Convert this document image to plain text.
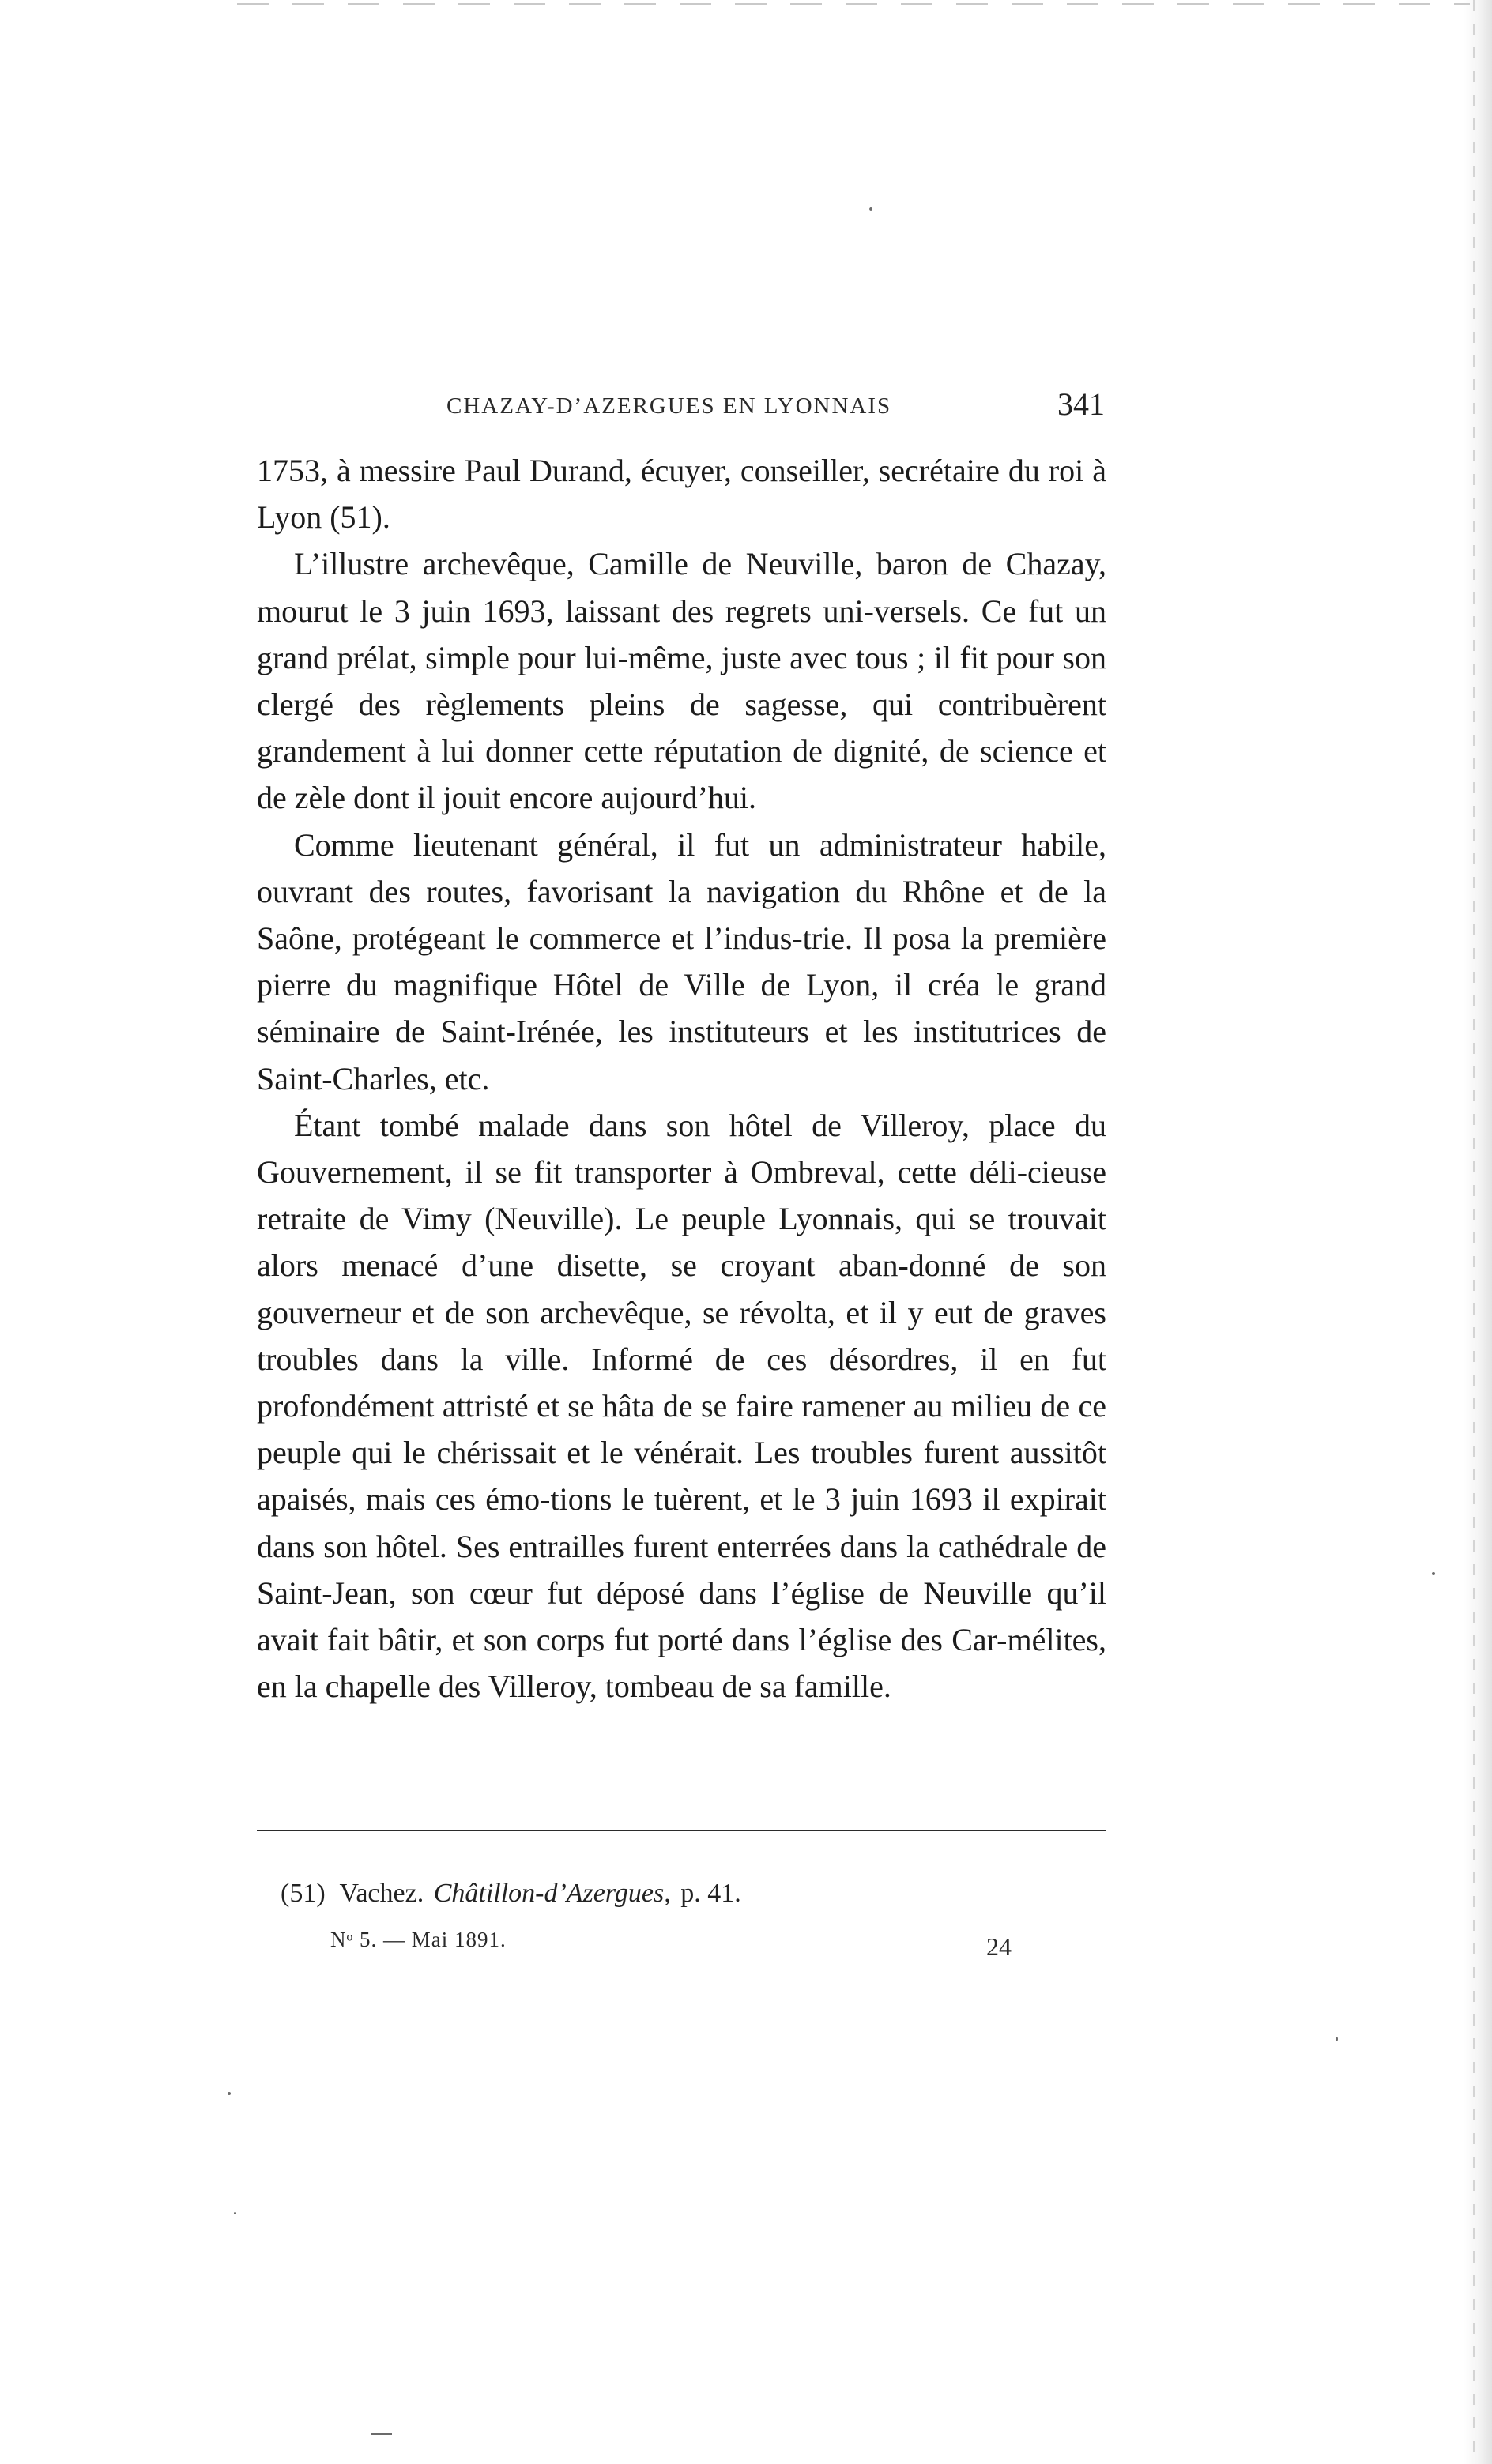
CHAZAY-D’AZERGUES EN LYONNAIS	341

1753, à messire Paul Durand, écuyer, conseiller, secrétaire du roi à Lyon (51).

L’illustre archevêque, Camille de Neuville, baron de Chazay, mourut le 3 juin 1693, laissant des regrets uni-versels. Ce fut un grand prélat, simple pour lui-même, juste avec tous ; il fit pour son clergé des règlements pleins de sagesse, qui contribuèrent grandement à lui donner cette réputation de dignité, de science et de zèle dont il jouit encore aujourd’hui.

Comme lieutenant général, il fut un administrateur habile, ouvrant des routes, favorisant la navigation du Rhône et de la Saône, protégeant le commerce et l’indus-trie. Il posa la première pierre du magnifique Hôtel de Ville de Lyon, il créa le grand séminaire de Saint-Irénée, les instituteurs et les institutrices de Saint-Charles, etc.

Étant tombé malade dans son hôtel de Villeroy, place du Gouvernement, il se fit transporter à Ombreval, cette déli-cieuse retraite de Vimy (Neuville). Le peuple Lyonnais, qui se trouvait alors menacé d’une disette, se croyant aban-donné de son gouverneur et de son archevêque, se révolta, et il y eut de graves troubles dans la ville. Informé de ces désordres, il en fut profondément attristé et se hâta de se faire ramener au milieu de ce peuple qui le chérissait et le vénérait. Les troubles furent aussitôt apaisés, mais ces émo-tions le tuèrent, et le 3 juin 1693 il expirait dans son hôtel. Ses entrailles furent enterrées dans la cathédrale de Saint-Jean, son cœur fut déposé dans l’église de Neuville qu’il avait fait bâtir, et son corps fut porté dans l’église des Car-mélites, en la chapelle des Villeroy, tombeau de sa famille.

(51) Vachez. Châtillon-d’Azergues, p. 41.
Nᵒ 5. — Mai 1891.	24
